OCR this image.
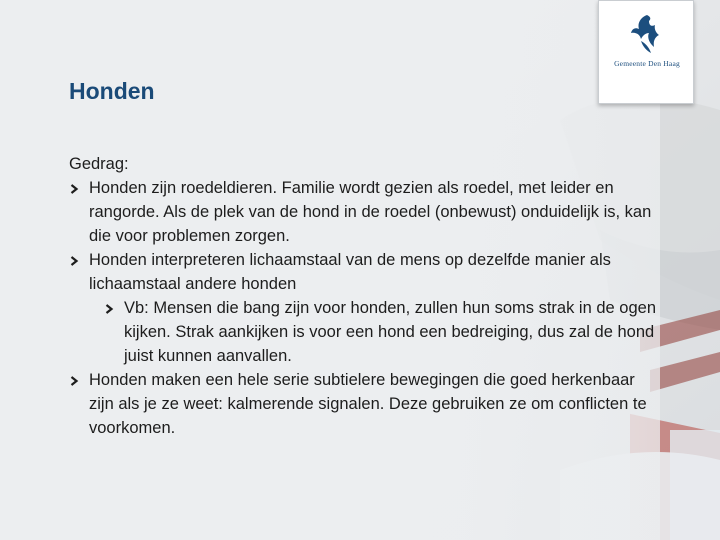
Gemeente Den Haag
Honden

Gedrag:

Honden zijn roedeldieren. Familie wordt gezien als roedel, met leider en rangorde. Als de plek van de hond in de roedel (onbewust) onduidelijk is, kan die voor problemen zorgen.
Honden interpreteren lichaamstaal van de mens op dezelfde manier als lichaamstaal andere honden
Vb: Mensen die bang zijn voor honden, zullen hun soms strak in de ogen kijken. Strak aankijken is voor een hond een bedreiging, dus zal de hond juist kunnen aanvallen.
Honden maken een hele serie subtielere bewegingen die goed herkenbaar zijn als je ze weet: kalmerende signalen. Deze gebruiken ze om conflicten te voorkomen.
